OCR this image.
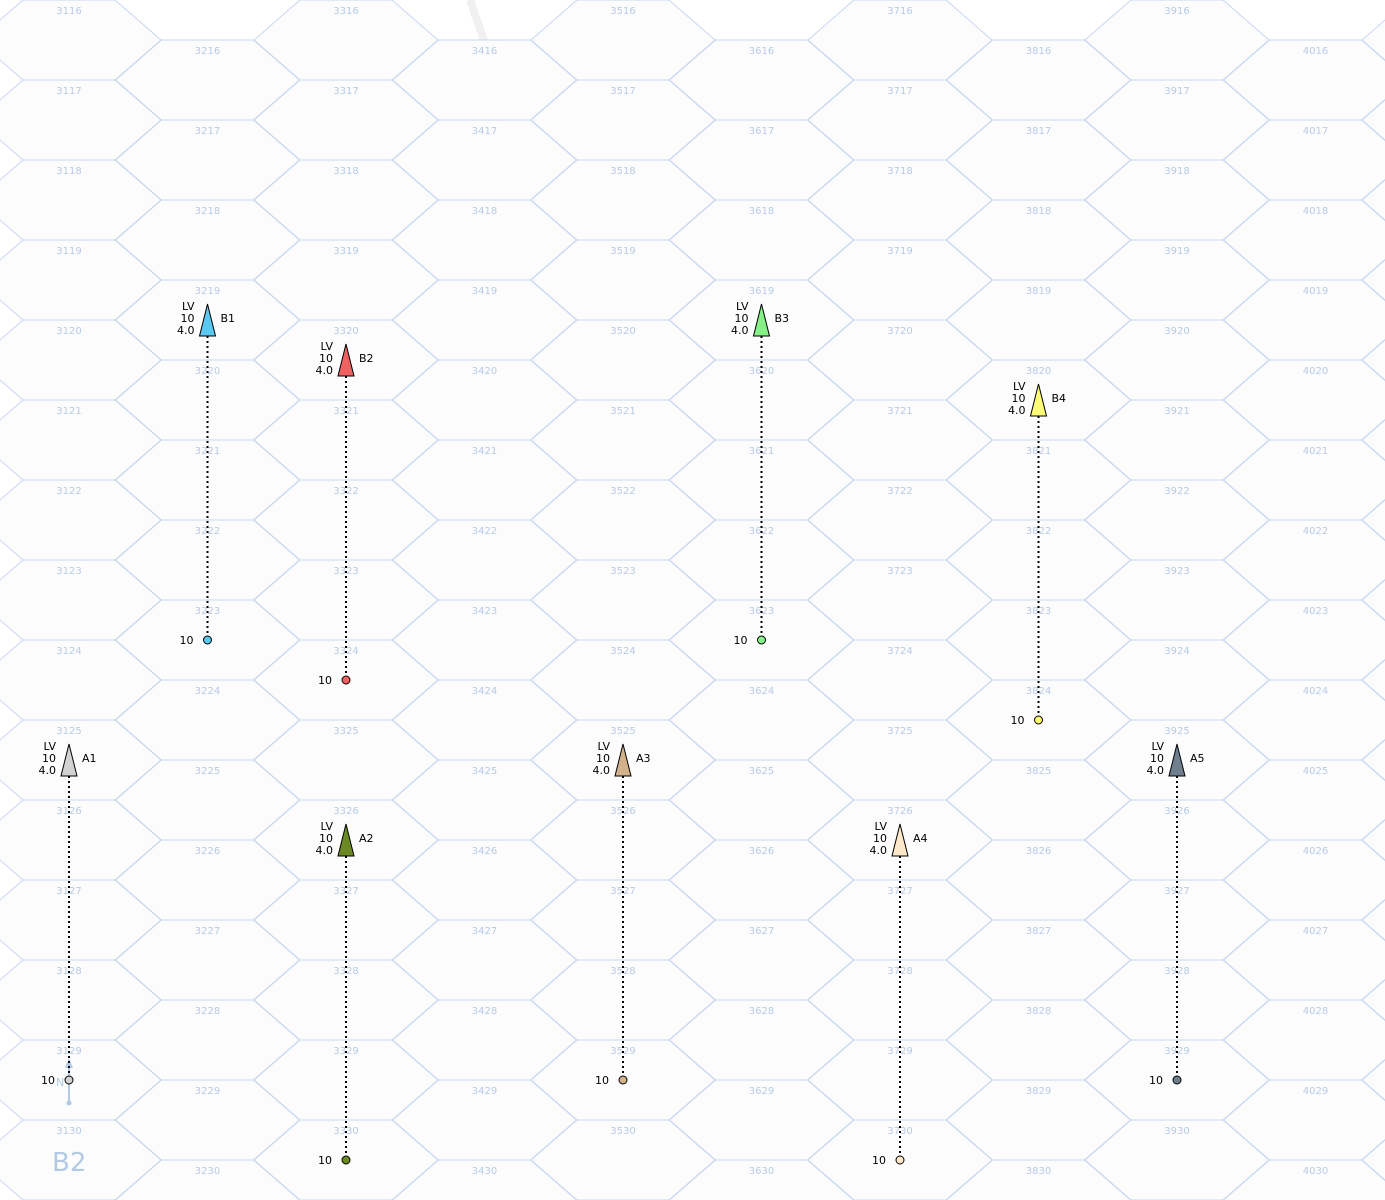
3116
3117
3118
3119
3120
3121
3122
3123
3124
3125
3126
3127
3128
3129
3130
3216
3217
3218
3219
3220
3221
3222
3223
3224
3225
3226
3227
3228
3229
3230
3316
3317
3318
3319
3320
3321
3322
3323
3324
3325
3326
3327
3328
3329
3330
3416
3417
3418
3419
3420
3421
3422
3423
3424
3425
3426
3427
3428
3429
3430
3516
3517
3518
3519
3520
3521
3522
3523
3524
3525
3526
3527
3528
3529
3530
3616
3617
3618
3619
3620
3621
3622
3623
3624
3625
3626
3627
3628
3629
3630
3716
3717
3718
3719
3720
3721
3722
3723
3724
3725
3726
3727
3728
3729
3730
3816
3817
3818
3819
3820
3821
3822
3823
3824
3825
3826
3827
3828
3829
3830
3916
3917
3918
3919
3920
3921
3922
3923
3924
3925
3926
3927
3928
3929
3930
4016
4017
4018
4019
4020
4021
4022
4023
4024
4025
4026
4027
4028
4029
4030
N
B2
10
LV
10
4.0
B1
10
LV
10
4.0
B2
10
LV
10
4.0
B3
10
LV
10
4.0
B4
10
LV
10
4.0
A1
10
LV
10
4.0
A2
10
LV
10
4.0
A3
10
LV
10
4.0
A4
10
LV
10
4.0
A5
